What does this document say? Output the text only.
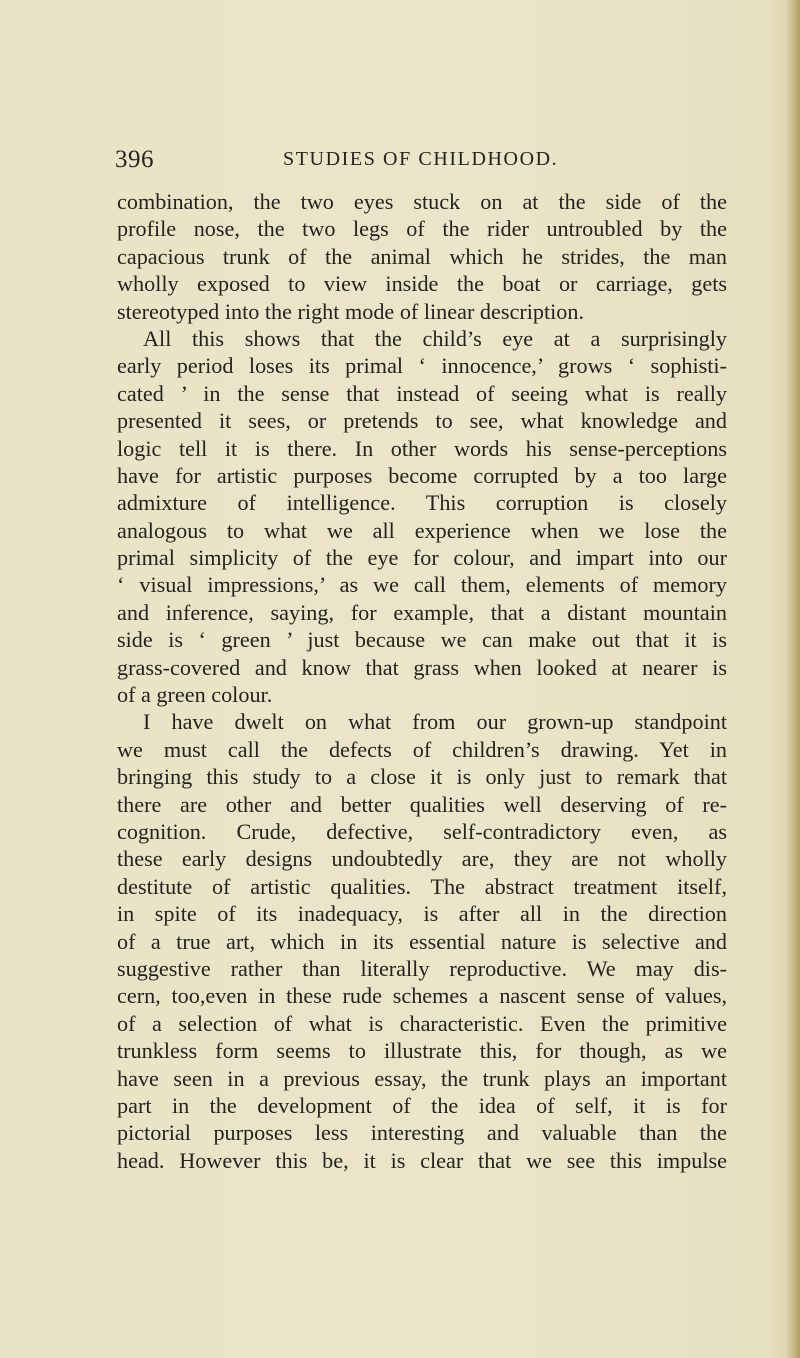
396	STUDIES OF CHILDHOOD.
combination, the two eyes stuck on at the side of the
profile nose, the two legs of the rider untroubled by the
capacious trunk of the animal which he strides, the man
wholly exposed to view inside the boat or carriage, gets
stereotyped into the right mode of linear description.
All this shows that the child’s eye at a surprisingly
early period loses its primal ‘ innocence,’ grows ‘ sophisti-
cated ’ in the sense that instead of seeing what is really
presented it sees, or pretends to see, what knowledge and
logic tell it is there. In other words his sense-perceptions
have for artistic purposes become corrupted by a too large
admixture of intelligence. This corruption is closely
analogous to what we all experience when we lose the
primal simplicity of the eye for colour, and impart into our
‘ visual impressions,’ as we call them, elements of memory
and inference, saying, for example, that a distant mountain
side is ‘ green ’ just because we can make out that it is
grass-covered and know that grass when looked at nearer is
of a green colour.
I have dwelt on what from our grown-up standpoint
we must call the defects of children’s drawing. Yet in
bringing this study to a close it is only just to remark that
there are other and better qualities well deserving of re-
cognition. Crude, defective, self-contradictory even, as
these early designs undoubtedly are, they are not wholly
destitute of artistic qualities. The abstract treatment itself,
in spite of its inadequacy, is after all in the direction
of a true art, which in its essential nature is selective and
suggestive rather than literally reproductive. We may dis-
cern, too,even in these rude schemes a nascent sense of values,
of a selection of what is characteristic. Even the primitive
trunkless form seems to illustrate this, for though, as we
have seen in a previous essay, the trunk plays an important
part in the development of the idea of self, it is for
pictorial purposes less interesting and valuable than the
head. However this be, it is clear that we see this impulse
